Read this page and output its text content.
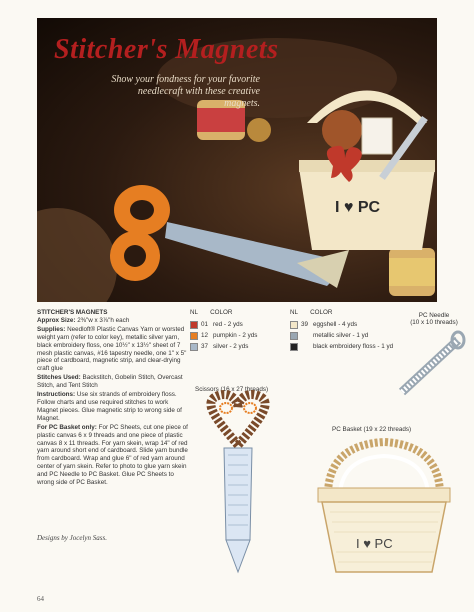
I ♥ PC
Stitcher's Magnets
Show your fondness for your favorite needlecraft with these creative magnets.
STITCHER'S MAGNETS

Approx Size: 2⅜"w x 3⅞"h each

Supplies: Needloft® Plastic Canvas Yarn or worsted weight yarn (refer to color key), metallic silver yarn, black embroidery floss, one 10½" x 13½" sheet of 7 mesh plastic canvas, #16 tapestry needle, one 1" x 5" piece of cardboard, magnetic strip, and clear-drying craft glue

Stitches Used: Backstitch, Gobelin Stitch, Overcast Stitch, and Tent Stitch

Instructions: Use six strands of embroidery floss. Follow charts and use required stitches to work Magnet pieces. Glue magnetic strip to wrong side of Magnet.

For PC Basket only: For PC Sheets, cut one piece of plastic canvas 6 x 9 threads and one piece of plastic canvas 8 x 11 threads. For yarn skein, wrap 14" of red yarn around short end of cardboard. Slide yarn bundle from cardboard. Wrap and glue 6" of red yarn around center of yarn skein. Refer to photo to glue yarn skein and PC Needle to PC Basket. Glue PC Sheets to wrong side of PC Basket.

Designs by Jocelyn Sass.
64
NL COLOR
01 red - 2 yds
12 pumpkin - 2 yds
37 silver - 2 yds
NL COLOR
39 eggshell - 4 yds
metallic silver - 1 yd
black embroidery floss - 1 yd
PC Needle
(10 x 10 threads)
Scissors (16 x 27 threads)
PC Basket (19 x 22 threads)
I ♥ PC
